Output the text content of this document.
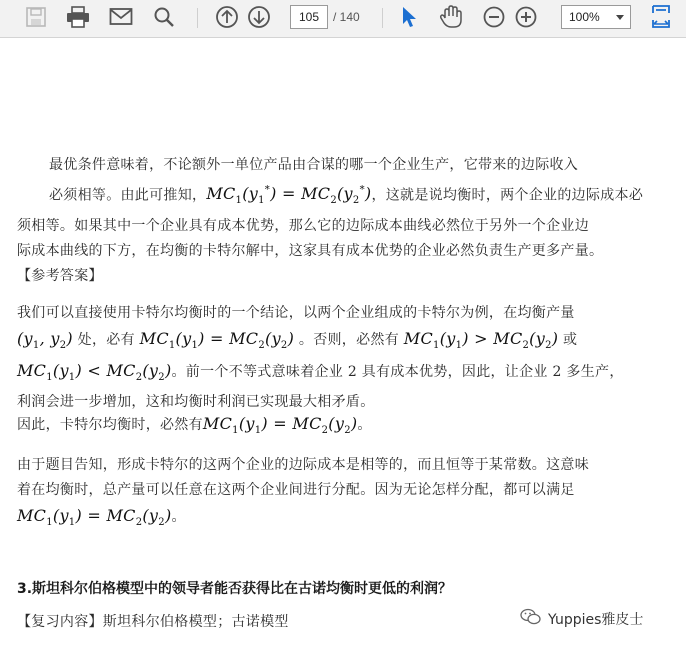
105 / 140	100%
最优条件意味着，不论额外一单位产品由合谋的哪一个企业生产，它带来的边际收入
必须相等。由此可推知，$MC_1(y_1^*) = MC_2(y_2^*)$，这就是说均衡时，两个企业的边际成本必
须相等。如果其中一个企业具有成本优势，那么它的边际成本曲线必然位于另外一个企业边
际成本曲线的下方，在均衡的卡特尔解中，这家具有成本优势的企业必然负责生产更多产量。
【参考答案】
我们可以直接使用卡特尔均衡时的一个结论，以两个企业组成的卡特尔为例，在均衡产量
($y_1$, $y_2$) 处，必有 $MC_1(y_1) = MC_2(y_2)$ 。否则，必然有 $MC_1(y_1) > MC_2(y_2)$ 或
$MC_1(y_1) < MC_2(y_2)$。前一个不等式意味着企业 2 具有成本优势，因此，让企业 2 多生产，
利润会进一步增加，这和均衡时利润已实现最大相矛盾。
因此，卡特尔均衡时，必然有$MC_1(y_1) = MC_2(y_2)$。
由于题目告知，形成卡特尔的这两个企业的边际成本是相等的，而且恒等于某常数。这意味
着在均衡时，总产量可以任意在这两个企业间进行分配。因为无论怎样分配，都可以满足
$MC_1(y_1) = MC_2(y_2)$。
3.斯坦科尔伯格模型中的领导者能否获得比在古诺均衡时更低的利润？
【复习内容】斯坦科尔伯格模型；古诺模型	Yuppies雅皮士
